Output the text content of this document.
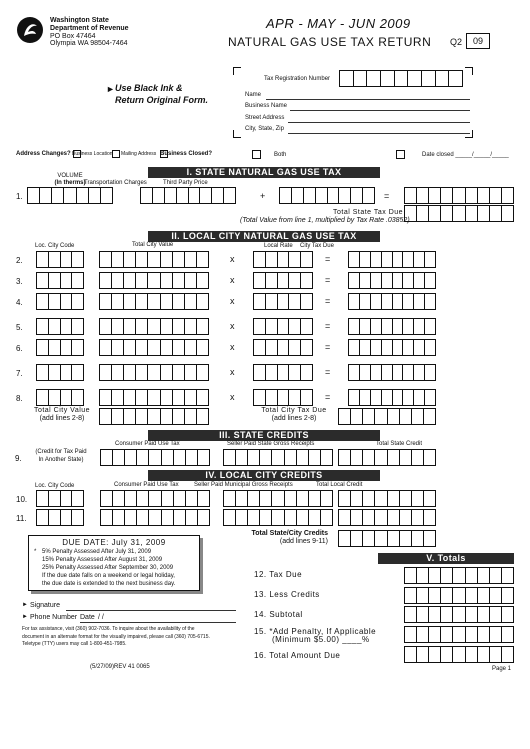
Washington State
Department of Revenue
PO Box 47464
Olympia WA 98504-7464
APR - MAY - JUN 2009
NATURAL GAS USE TAX RETURN Q2	09
► Use Black Ink &
Return Original Form.
Tax Registration Number
Name
Business Name
Street Address
City, State, Zip
Address Changes? Business Location Mailing Address Business Closed?	Both	Date closed _____/_____/_____
I. STATE NATURAL GAS USE TAX
VOLUME
(In therms)
Transportation Charges	Third Party Price
1.	+	=
Total State Tax Due
(Total Value from line 1, multiplied by Tax Rate .03852)
II. LOCAL CITY NATURAL GAS USE TAX
Loc. City Code	Total City Value	Local Rate City Tax Due
2.	x	=
3.	x	=
4.	x	=
5.	x	=
6.	x	=
7.	x	=
8.	x	=
Total City Value
(add lines 2-8)
Total City Tax Due
(add lines 2-8)
III. STATE CREDITS
Consumer Paid Use Tax	Seller Paid State Gross Receipts	Total State Credit
9.
(Credit for Tax Paid
In Another State)
IV. LOCAL CITY CREDITS
Loc. City Code	Consumer Paid Use Tax	Seller Paid Municipal Gross Receipts	Total Local Credit
10.
11.
Total State/City Credits
(add lines 9-11)
DUE DATE: July 31, 2009
* 5% Penalty Assessed After July 31, 2009
15% Penalty Assessed After August 31, 2009
25% Penalty Assessed After September 30, 2009
If the due date falls on a weekend or legal holiday,
the due date is extended to the next business day.
V. Totals
12. Tax Due
13. Less Credits
14. Subtotal
15. *Add Penalty, If Applicable
(Minimum $5.00) ____%
16. Total Amount Due
► Signature
► Phone Number Date / /
For tax assistance, visit (360) 902-7036. To inquire about the availability of the document in an alternate format for the visually impaired, please call (360) 705-6715. Teletype (TTY) users may call 1-800-451-7985.
(5/27/09)REV 41 0065	Page 1
